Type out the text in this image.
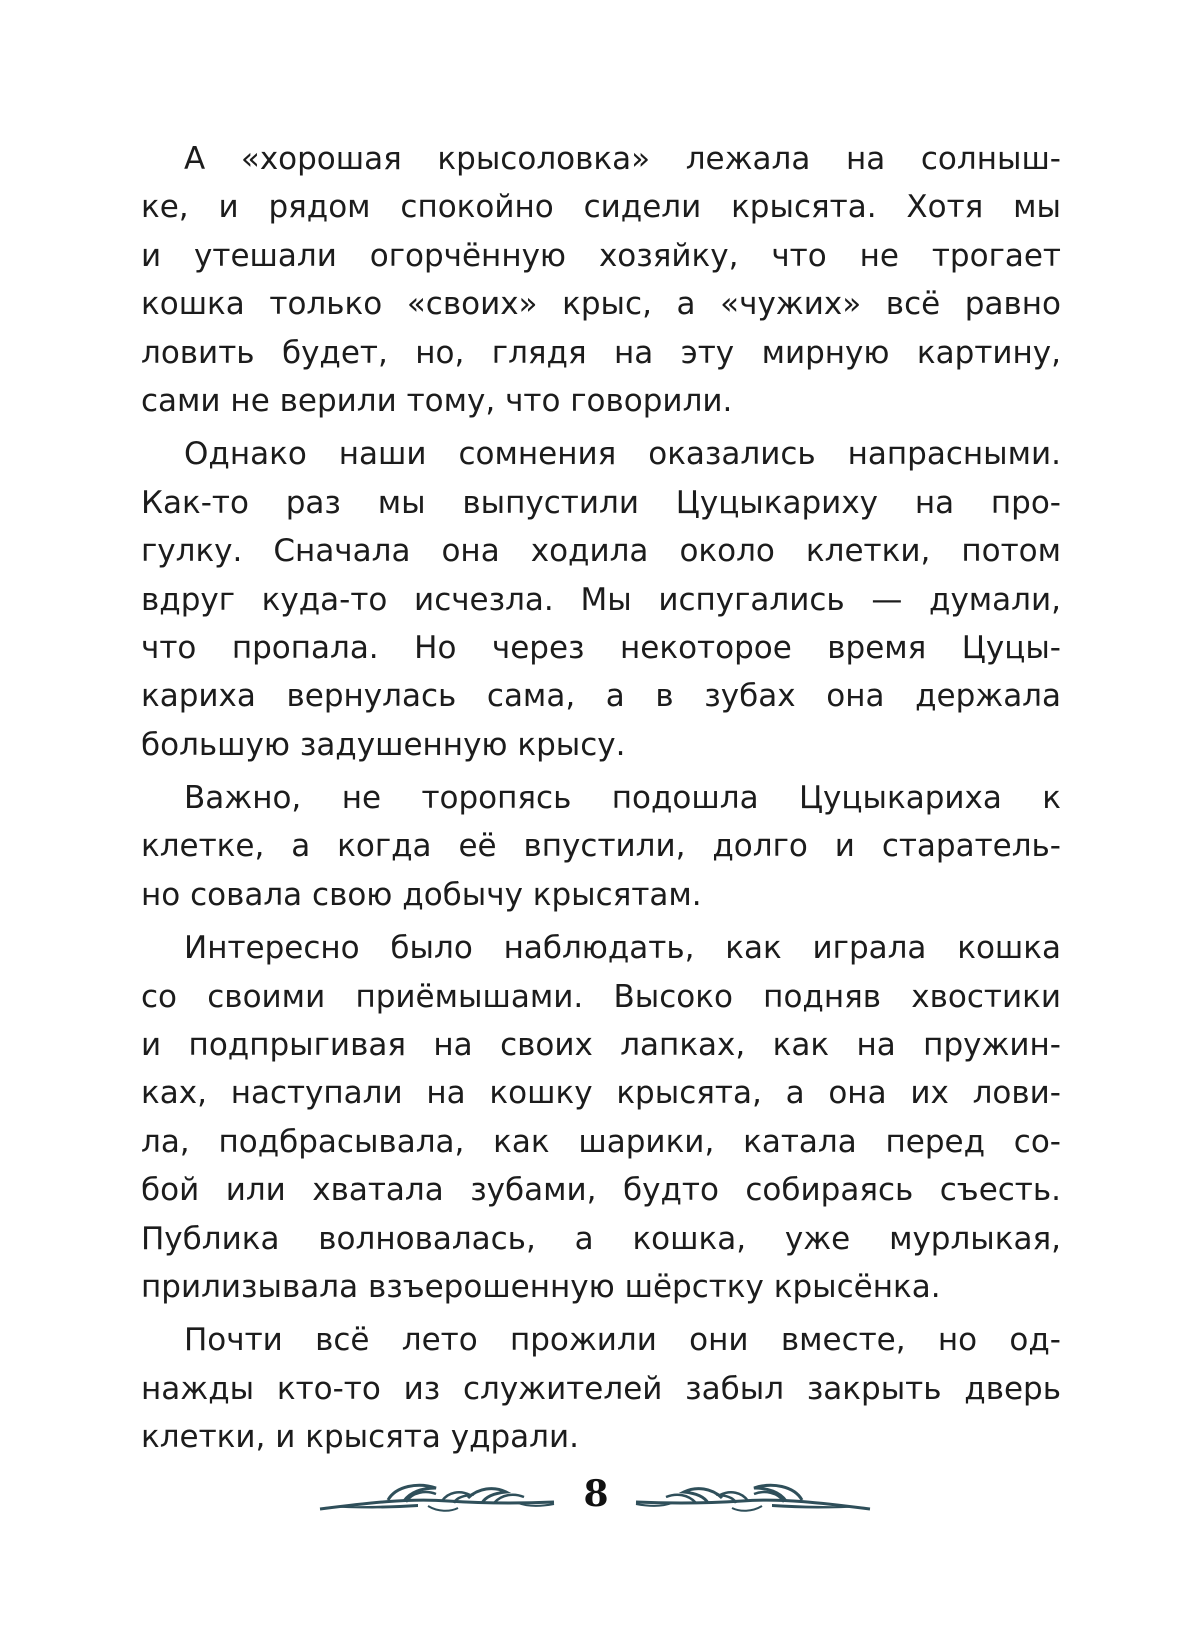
А «хорошая крысоловка» лежала на солныш-
ке, и рядом спокойно сидели крысята. Хотя мы
и утешали огорчённую хозяйку, что не трогает
кошка только «своих» крыс, а «чужих» всё равно
ловить будет, но, глядя на эту мирную картину,
сами не верили тому, что говорили.

Однако наши сомнения оказались напрасными.
Как-то раз мы выпустили Цуцыкариху на про-
гулку. Сначала она ходила около клетки, потом
вдруг куда-то исчезла. Мы испугались — думали,
что пропала. Но через некоторое время Цуцы-
кариха вернулась сама, а в зубах она держала
большую задушенную крысу.

Важно, не торопясь подошла Цуцыкариха к
клетке, а когда её впустили, долго и старатель-
но совала свою добычу крысятам.

Интересно было наблюдать, как играла кошка
со своими приёмышами. Высоко подняв хвостики
и подпрыгивая на своих лапках, как на пружин-
ках, наступали на кошку крысята, а она их лови-
ла, подбрасывала, как шарики, катала перед со-
бой или хватала зубами, будто собираясь съесть.
Публика волновалась, а кошка, уже мурлыкая,
прилизывала взъерошенную шёрстку крысёнка.

Почти всё лето прожили они вместе, но од-
нажды кто-то из служителей забыл закрыть дверь
клетки, и крысята удрали.

8
